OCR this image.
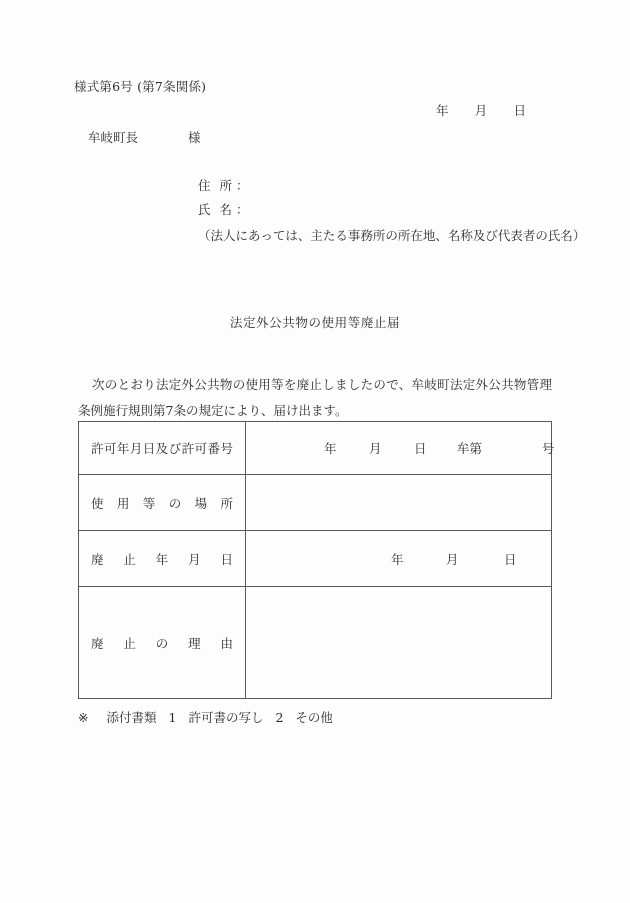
様式第6号 (第7条関係)
年 月 日
牟岐町長	様
住所 ：
氏名 ：
（法人にあっては、主たる事務所の所在地、名称及び代表者の氏名）
法定外公共物の使用等廃止届
次のとおり法定外公共物の使用等を廃止しましたので、牟岐町法定外公共物管理条例施行規則第7条の規定により、届け出ます。
許可年月日及び許可番号	年 月 日 牟第 号

使用等の場所	

廃止年月日	年 月 日

廃止の理由	
※ 添付書類 1 許可書の写し 2 その他
